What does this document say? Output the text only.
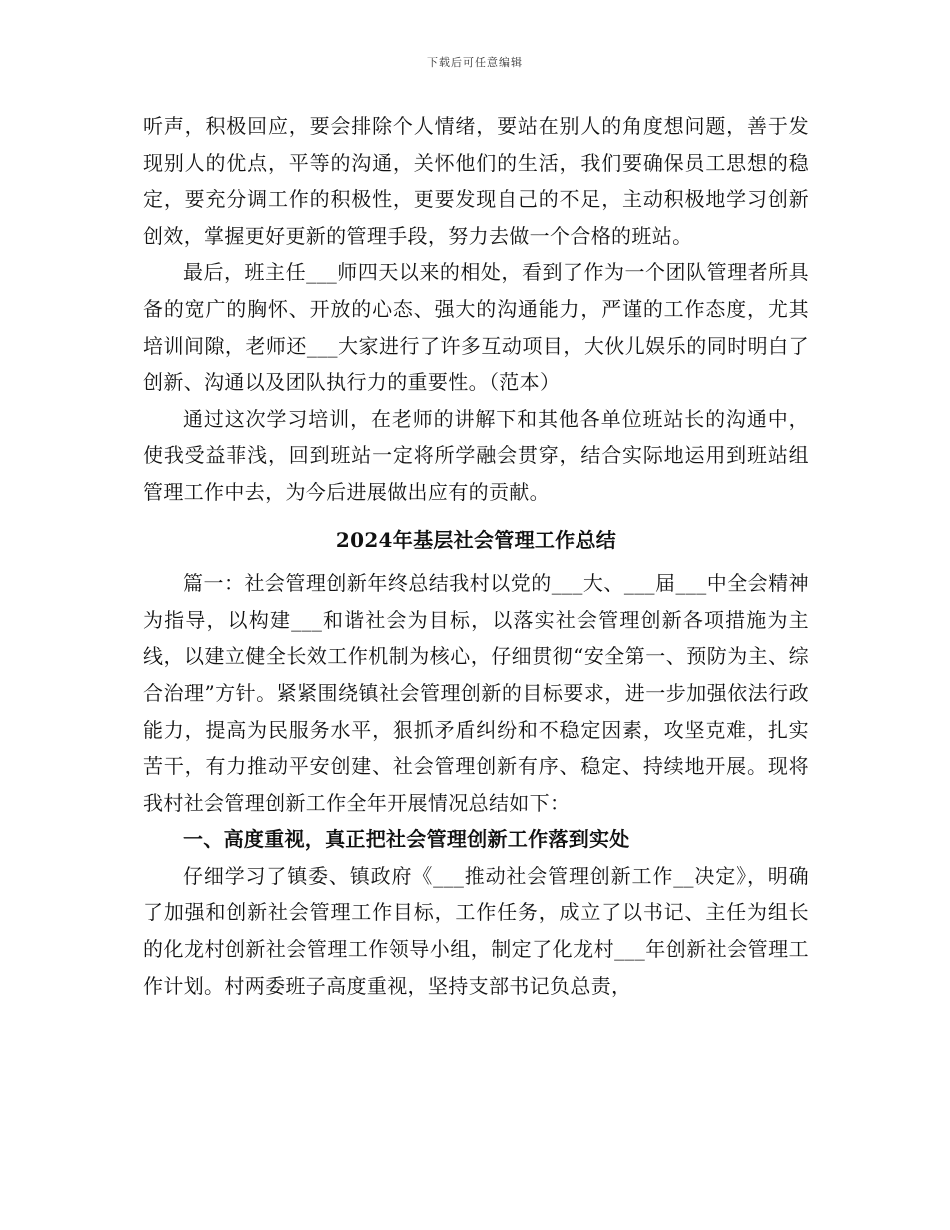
下载后可任意编辑

听声，积极回应，要会排除个人情绪，要站在别人的角度想问题，善于发现别人的优点，平等的沟通，关怀他们的生活，我们要确保员工思想的稳定，要充分调工作的积极性，更要发现自己的不足，主动积极地学习创新创效，掌握更好更新的管理手段，努力去做一个合格的班站。

最后，班主任___师四天以来的相处，看到了作为一个团队管理者所具备的宽广的胸怀、开放的心态、强大的沟通能力，严谨的工作态度，尤其培训间隙，老师还___大家进行了许多互动项目，大伙儿娱乐的同时明白了创新、沟通以及团队执行力的重要性。（范本）

通过这次学习培训，在老师的讲解下和其他各单位班站长的沟通中，使我受益菲浅，回到班站一定将所学融会贯穿，结合实际地运用到班站组管理工作中去，为今后进展做出应有的贡献。

2024年基层社会管理工作总结

篇一：社会管理创新年终总结我村以党的___大、___届___中全会精神为指导，以构建___和谐社会为目标，以落实社会管理创新各项措施为主线，以建立健全长效工作机制为核心，仔细贯彻“安全第一、预防为主、综合治理”方针。紧紧围绕镇社会管理创新的目标要求，进一步加强依法行政能力，提高为民服务水平，狠抓矛盾纠纷和不稳定因素，攻坚克难，扎实苦干，有力推动平安创建、社会管理创新有序、稳定、持续地开展。现将我村社会管理创新工作全年开展情况总结如下：

一、高度重视，真正把社会管理创新工作落到实处

仔细学习了镇委、镇政府《___推动社会管理创新工作__决定》，明确了加强和创新社会管理工作目标，工作任务，成立了以书记、主任为组长的化龙村创新社会管理工作领导小组，制定了化龙村___年创新社会管理工作计划。村两委班子高度重视，坚持支部书记负总责，
